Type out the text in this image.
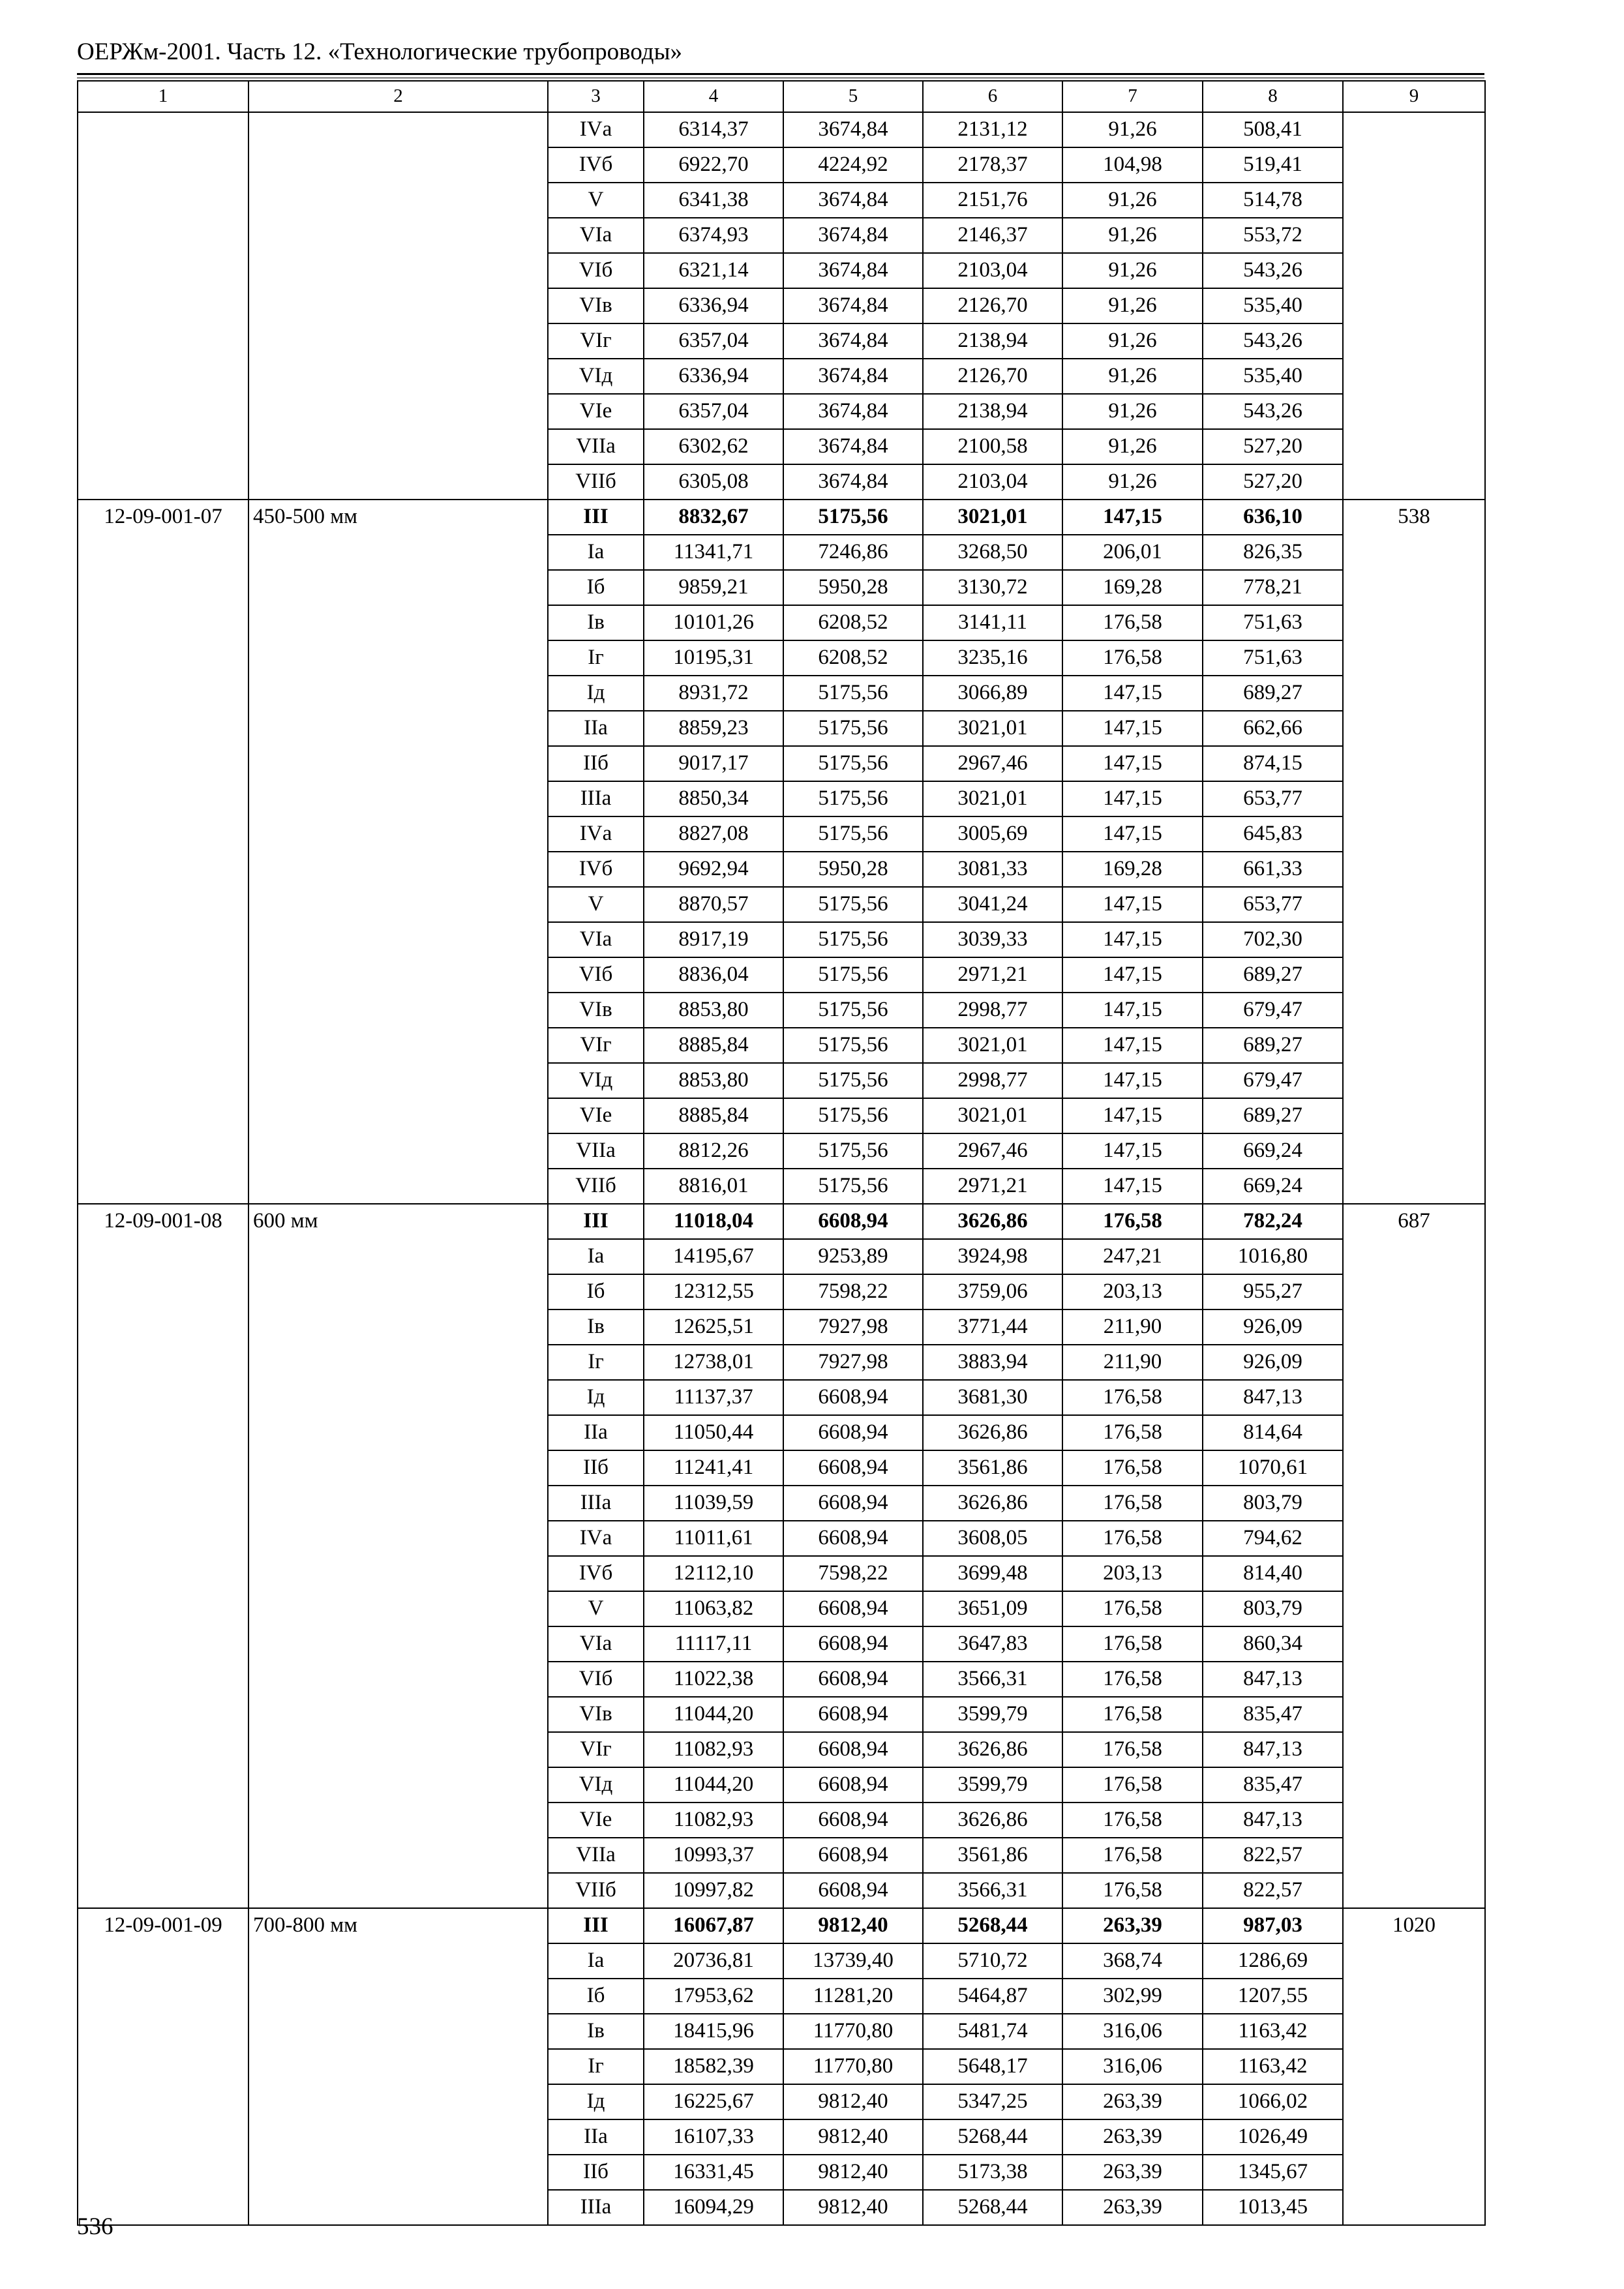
ОЕРЖм-2001. Часть 12. «Технологические трубопроводы»
1	2	3	4	5	6	7	8	9
		IVа	6314,37	3674,84	2131,12	91,26	508,41	
		IVб	6922,70	4224,92	2178,37	104,98	519,41	
		V	6341,38	3674,84	2151,76	91,26	514,78	
		VIа	6374,93	3674,84	2146,37	91,26	553,72	
		VIб	6321,14	3674,84	2103,04	91,26	543,26	
		VIв	6336,94	3674,84	2126,70	91,26	535,40	
		VIг	6357,04	3674,84	2138,94	91,26	543,26	
		VIд	6336,94	3674,84	2126,70	91,26	535,40	
		VIе	6357,04	3674,84	2138,94	91,26	543,26	
		VIIа	6302,62	3674,84	2100,58	91,26	527,20	
		VIIб	6305,08	3674,84	2103,04	91,26	527,20	
12-09-001-07	450-500 мм	III	8832,67	5175,56	3021,01	147,15	636,10	538
		Iа	11341,71	7246,86	3268,50	206,01	826,35	
		Iб	9859,21	5950,28	3130,72	169,28	778,21	
		Iв	10101,26	6208,52	3141,11	176,58	751,63	
		Iг	10195,31	6208,52	3235,16	176,58	751,63	
		Iд	8931,72	5175,56	3066,89	147,15	689,27	
		IIа	8859,23	5175,56	3021,01	147,15	662,66	
		IIб	9017,17	5175,56	2967,46	147,15	874,15	
		IIIа	8850,34	5175,56	3021,01	147,15	653,77	
		IVа	8827,08	5175,56	3005,69	147,15	645,83	
		IVб	9692,94	5950,28	3081,33	169,28	661,33	
		V	8870,57	5175,56	3041,24	147,15	653,77	
		VIа	8917,19	5175,56	3039,33	147,15	702,30	
		VIб	8836,04	5175,56	2971,21	147,15	689,27	
		VIв	8853,80	5175,56	2998,77	147,15	679,47	
		VIг	8885,84	5175,56	3021,01	147,15	689,27	
		VIд	8853,80	5175,56	2998,77	147,15	679,47	
		VIе	8885,84	5175,56	3021,01	147,15	689,27	
		VIIа	8812,26	5175,56	2967,46	147,15	669,24	
		VIIб	8816,01	5175,56	2971,21	147,15	669,24	
12-09-001-08	600 мм	III	11018,04	6608,94	3626,86	176,58	782,24	687
		Iа	14195,67	9253,89	3924,98	247,21	1016,80	
		Iб	12312,55	7598,22	3759,06	203,13	955,27	
		Iв	12625,51	7927,98	3771,44	211,90	926,09	
		Iг	12738,01	7927,98	3883,94	211,90	926,09	
		Iд	11137,37	6608,94	3681,30	176,58	847,13	
		IIа	11050,44	6608,94	3626,86	176,58	814,64	
		IIб	11241,41	6608,94	3561,86	176,58	1070,61	
		IIIа	11039,59	6608,94	3626,86	176,58	803,79	
		IVа	11011,61	6608,94	3608,05	176,58	794,62	
		IVб	12112,10	7598,22	3699,48	203,13	814,40	
		V	11063,82	6608,94	3651,09	176,58	803,79	
		VIа	11117,11	6608,94	3647,83	176,58	860,34	
		VIб	11022,38	6608,94	3566,31	176,58	847,13	
		VIв	11044,20	6608,94	3599,79	176,58	835,47	
		VIг	11082,93	6608,94	3626,86	176,58	847,13	
		VIд	11044,20	6608,94	3599,79	176,58	835,47	
		VIе	11082,93	6608,94	3626,86	176,58	847,13	
		VIIа	10993,37	6608,94	3561,86	176,58	822,57	
		VIIб	10997,82	6608,94	3566,31	176,58	822,57	
12-09-001-09	700-800 мм	III	16067,87	9812,40	5268,44	263,39	987,03	1020
		Iа	20736,81	13739,40	5710,72	368,74	1286,69	
		Iб	17953,62	11281,20	5464,87	302,99	1207,55	
		Iв	18415,96	11770,80	5481,74	316,06	1163,42	
		Iг	18582,39	11770,80	5648,17	316,06	1163,42	
		Iд	16225,67	9812,40	5347,25	263,39	1066,02	
		IIа	16107,33	9812,40	5268,44	263,39	1026,49	
		IIб	16331,45	9812,40	5173,38	263,39	1345,67	
		IIIа	16094,29	9812,40	5268,44	263,39	1013,45	
536
